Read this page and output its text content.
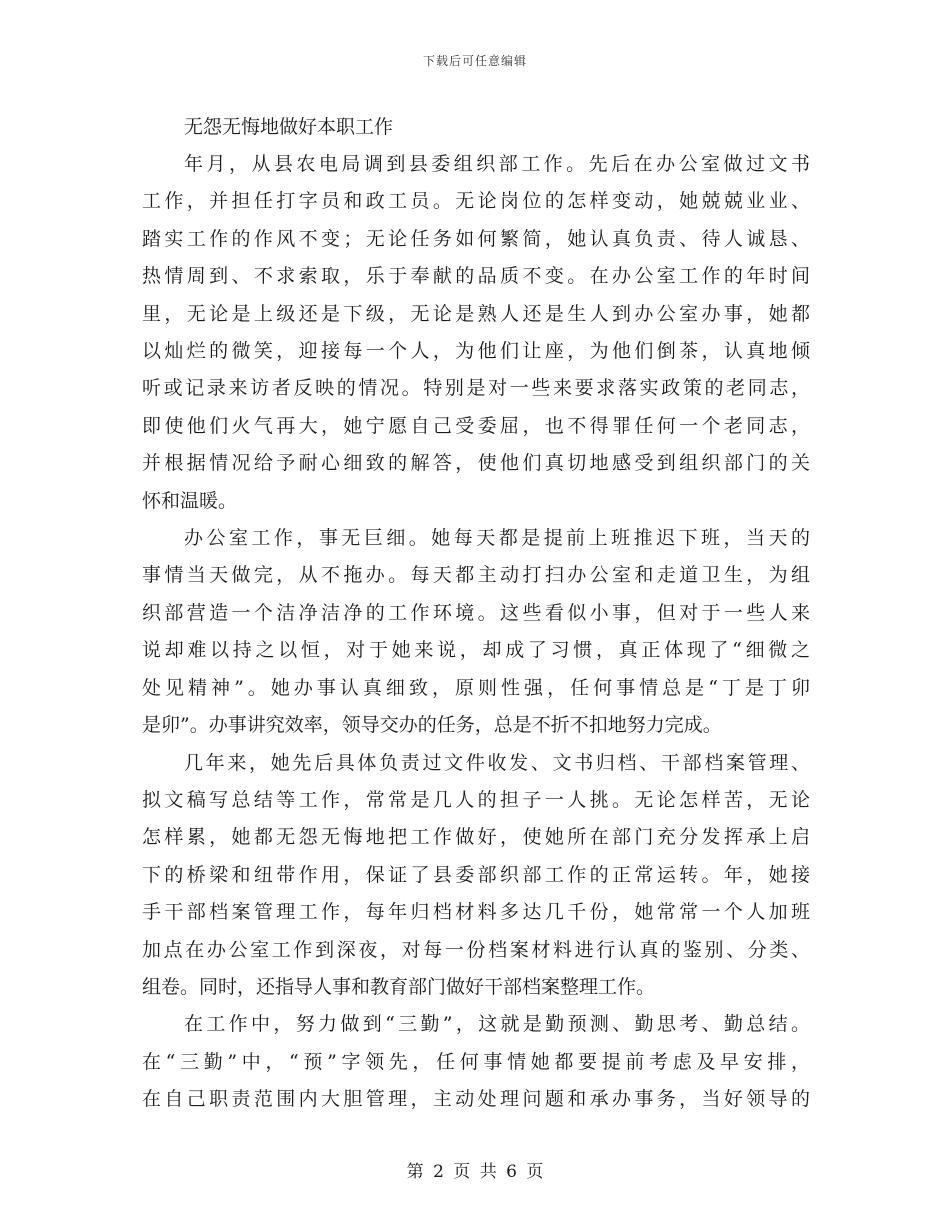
下载后可任意编辑
无怨无悔地做好本职工作
年月，从县农电局调到县委组织部工作。先后在办公室做过文书
工作，并担任打字员和政工员。无论岗位的怎样变动，她兢兢业业、
踏实工作的作风不变；无论任务如何繁简，她认真负责、待人诚恳、
热情周到、不求索取，乐于奉献的品质不变。在办公室工作的年时间
里，无论是上级还是下级，无论是熟人还是生人到办公室办事，她都
以灿烂的微笑，迎接每一个人，为他们让座，为他们倒茶，认真地倾
听或记录来访者反映的情况。特别是对一些来要求落实政策的老同志，
即使他们火气再大，她宁愿自己受委屈，也不得罪任何一个老同志，
并根据情况给予耐心细致的解答，使他们真切地感受到组织部门的关
怀和温暖。
办公室工作，事无巨细。她每天都是提前上班推迟下班，当天的
事情当天做完，从不拖办。每天都主动打扫办公室和走道卫生，为组
织部营造一个洁净洁净的工作环境。这些看似小事，但对于一些人来
说却难以持之以恒，对于她来说，却成了习惯，真正体现了“细微之
处见精神”。她办事认真细致，原则性强，任何事情总是“丁是丁卯
是卯”。办事讲究效率，领导交办的任务，总是不折不扣地努力完成。
几年来，她先后具体负责过文件收发、文书归档、干部档案管理、
拟文稿写总结等工作，常常是几人的担子一人挑。无论怎样苦，无论
怎样累，她都无怨无悔地把工作做好，使她所在部门充分发挥承上启
下的桥梁和纽带作用，保证了县委部织部工作的正常运转。年，她接
手干部档案管理工作，每年归档材料多达几千份，她常常一个人加班
加点在办公室工作到深夜，对每一份档案材料进行认真的鉴别、分类、
组卷。同时，还指导人事和教育部门做好干部档案整理工作。
在工作中，努力做到“三勤”，这就是勤预测、勤思考、勤总结。
在“三勤”中，“预”字领先，任何事情她都要提前考虑及早安排，
在自己职责范围内大胆管理，主动处理问题和承办事务，当好领导的
第 2 页 共 6 页
